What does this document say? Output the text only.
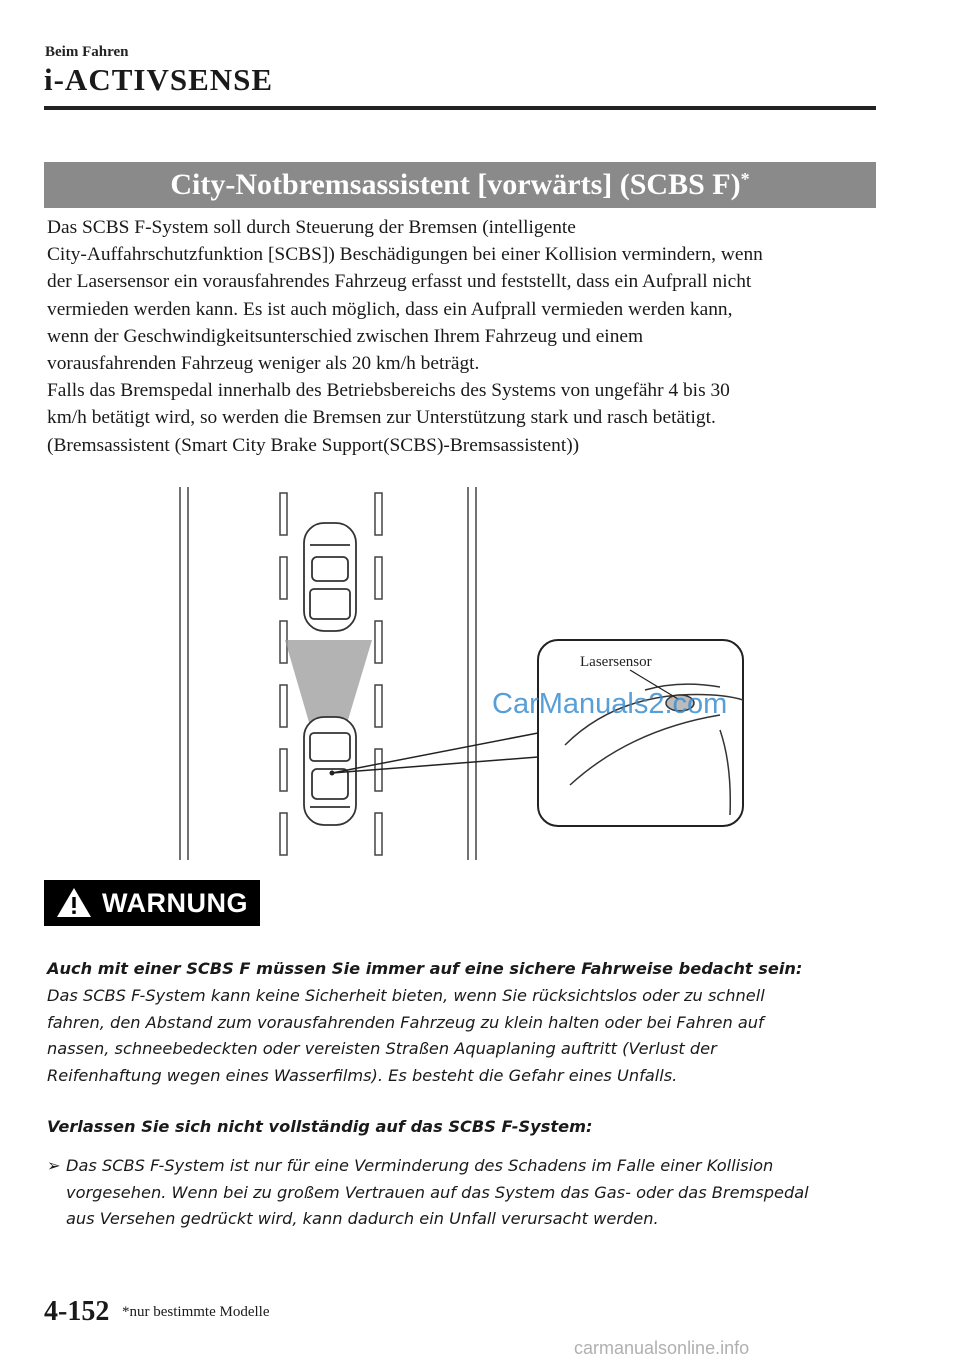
Beim Fahren
i-ACTIVSENSE
City-Notbremsassistent [vorwärts] (SCBS F)*

Das SCBS F-System soll durch Steuerung der Bremsen (intelligente

City-Auffahrschutzfunktion [SCBS]) Beschädigungen bei einer Kollision vermindern, wenn

der Lasersensor ein vorausfahrendes Fahrzeug erfasst und feststellt, dass ein Aufprall nicht

vermieden werden kann. Es ist auch möglich, dass ein Aufprall vermieden werden kann,

wenn der Geschwindigkeitsunterschied zwischen Ihrem Fahrzeug und einem

vorausfahrenden Fahrzeug weniger als 20 km/h beträgt.

Falls das Bremspedal innerhalb des Betriebsbereichs des Systems von ungefähr 4 bis 30

km/h betätigt wird, so werden die Bremsen zur Unterstützung stark und rasch betätigt.

(Bremsassistent (Smart City Brake Support(SCBS)-Bremsassistent))

Lasersensor
CarManuals2.com
WARNUNG
Auch mit einer SCBS F müssen Sie immer auf eine sichere Fahrweise bedacht sein:
Das SCBS F-System kann keine Sicherheit bieten, wenn Sie rücksichtslos oder zu schnell
fahren, den Abstand zum vorausfahrenden Fahrzeug zu klein halten oder bei Fahren auf
nassen, schneebedeckten oder vereisten Straßen Aquaplaning auftritt (Verlust der
Reifenhaftung wegen eines Wasserfilms). Es besteht die Gefahr eines Unfalls.
Verlassen Sie sich nicht vollständig auf das SCBS F-System:
➢ Das SCBS F-System ist nur für eine Verminderung des Schadens im Falle einer Kollision
vorgesehen. Wenn bei zu großem Vertrauen auf das System das Gas- oder das Bremspedal
aus Versehen gedrückt wird, kann dadurch ein Unfall verursacht werden.
4-152 *nur bestimmte Modelle
carmanualsonline.info
